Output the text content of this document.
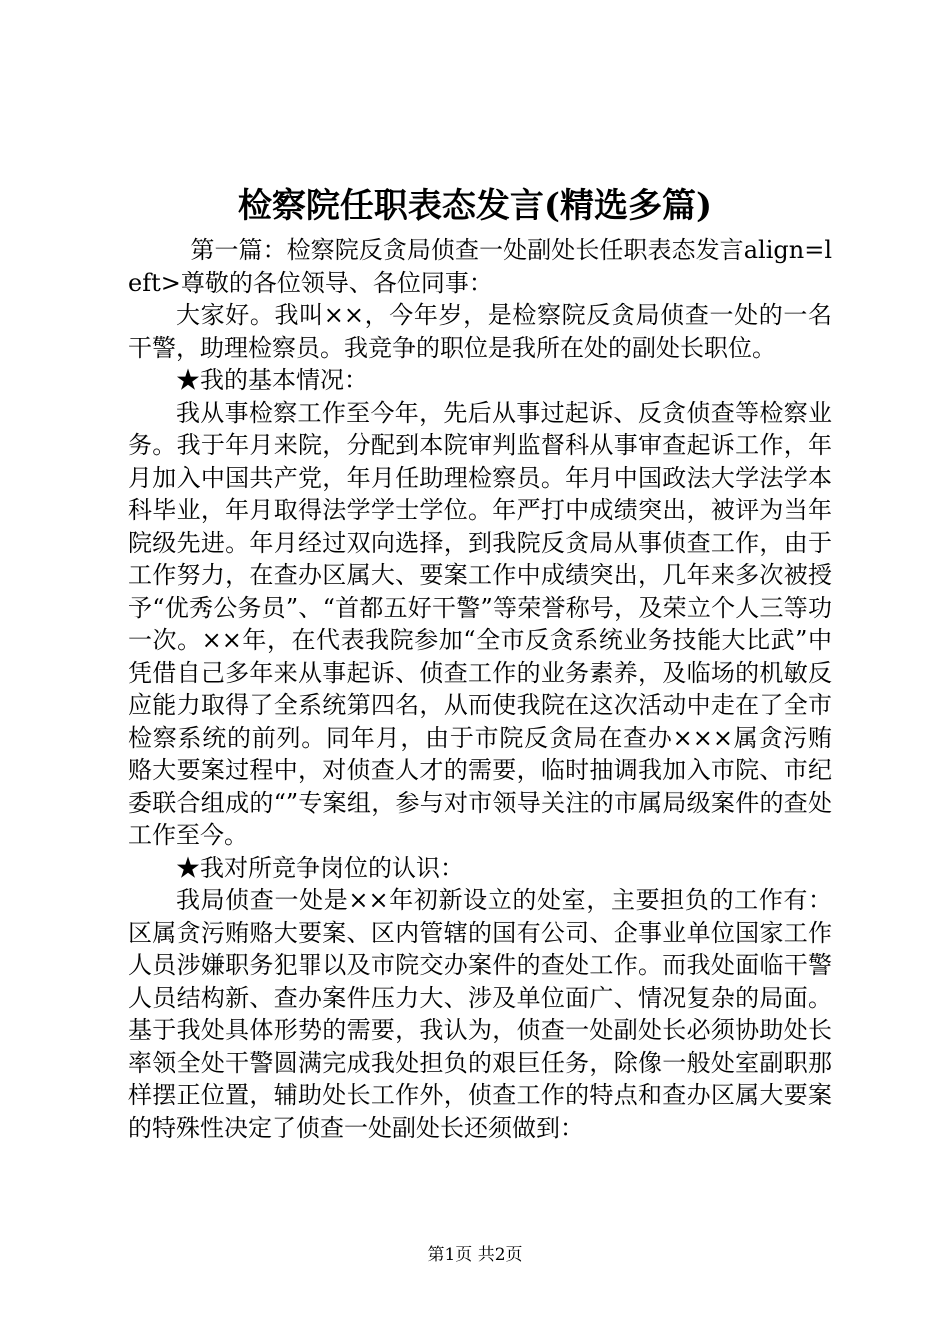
检察院任职表态发言(精选多篇)

第一篇：检察院反贪局侦查一处副处长任职表态发言align=left>尊敬的各位领导、各位同事：

大家好。我叫××，今年岁，是检察院反贪局侦查一处的一名干警，助理检察员。我竞争的职位是我所在处的副处长职位。

★我的基本情况：

我从事检察工作至今年，先后从事过起诉、反贪侦查等检察业务。我于年月来院，分配到本院审判监督科从事审查起诉工作，年月加入中国共产党，年月任助理检察员。年月中国政法大学法学本科毕业，年月取得法学学士学位。年严打中成绩突出，被评为当年院级先进。年月经过双向选择，到我院反贪局从事侦查工作，由于工作努力，在查办区属大、要案工作中成绩突出，几年来多次被授予“优秀公务员”、“首都五好干警”等荣誉称号，及荣立个人三等功一次。××年，在代表我院参加“全市反贪系统业务技能大比武”中凭借自己多年来从事起诉、侦查工作的业务素养，及临场的机敏反应能力取得了全系统第四名，从而使我院在这次活动中走在了全市检察系统的前列。同年月，由于市院反贪局在查办×××属贪污贿赂大要案过程中，对侦查人才的需要，临时抽调我加入市院、市纪委联合组成的“”专案组，参与对市领导关注的市属局级案件的查处工作至今。

★我对所竞争岗位的认识：

我局侦查一处是××年初新设立的处室，主要担负的工作有：区属贪污贿赂大要案、区内管辖的国有公司、企事业单位国家工作人员涉嫌职务犯罪以及市院交办案件的查处工作。而我处面临干警人员结构新、查办案件压力大、涉及单位面广、情况复杂的局面。基于我处具体形势的需要，我认为，侦查一处副处长必须协助处长率领全处干警圆满完成我处担负的艰巨任务，除像一般处室副职那样摆正位置，辅助处长工作外，侦查工作的特点和查办区属大要案的特殊性决定了侦查一处副处长还须做到：

第1页 共2页
